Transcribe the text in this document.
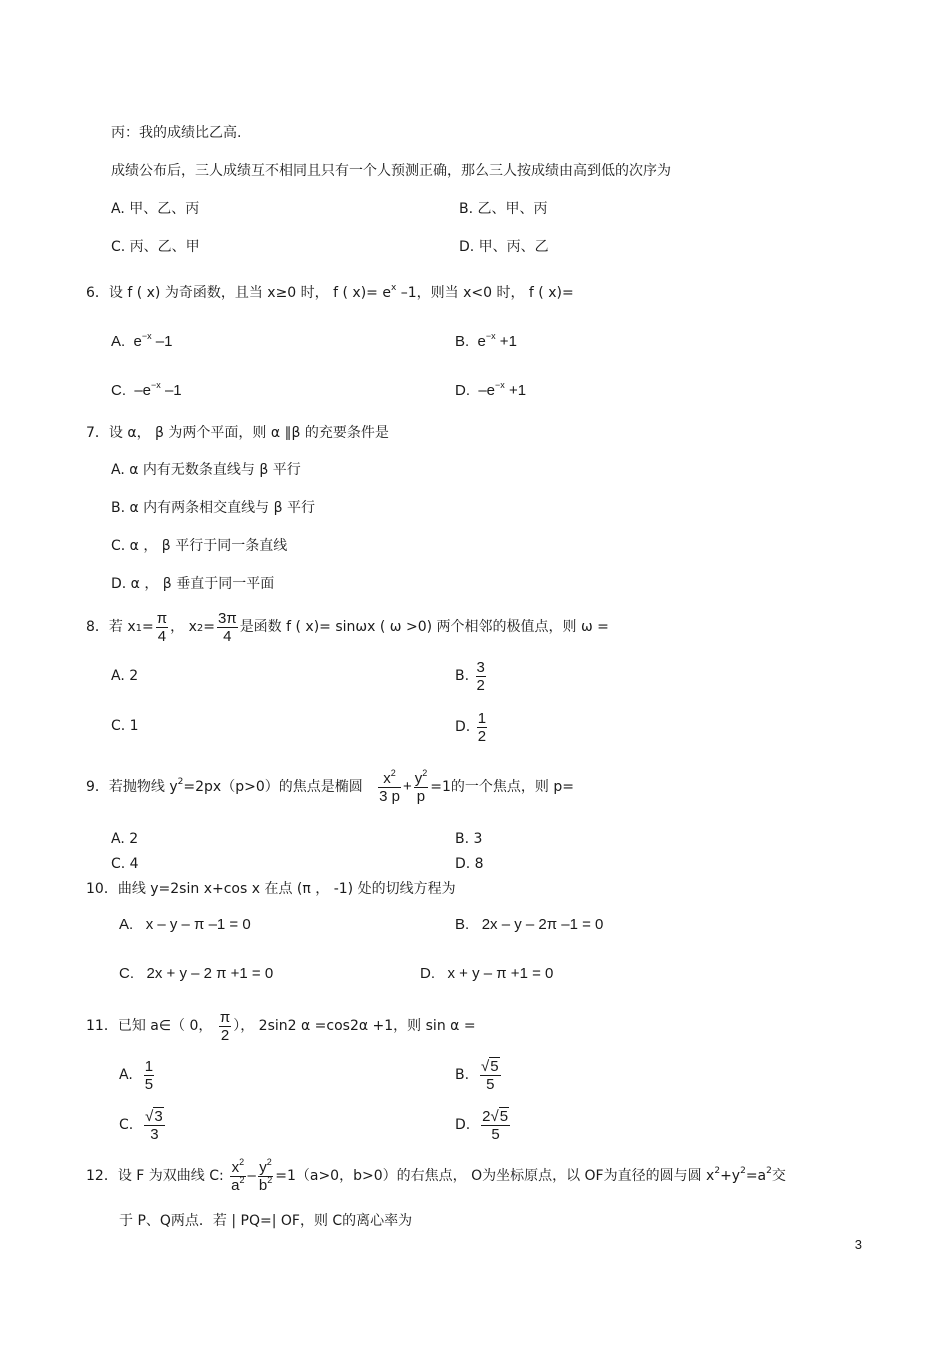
丙：我的成绩比乙高.
成绩公布后，三人成绩互不相同且只有一个人预测正确，那么三人按成绩由高到低的次序为
A. 甲、乙、丙	B. 乙、甲、丙
C. 丙、乙、甲	D. 甲、丙、乙
6．设 f ( x) 为奇函数，且当 x≥0 时， f ( $x)= e^x$ –1，则当 x<0 时， f ( x)=
A. $e^{-x}$ –1	B. $e^{-x} +1$
C. $-e^{-x}$ –1	D. $-e^{-x} +1$
7．设 α， β 为两个平面，则 α ∥β 的充要条件是
A. α 内有无数条直线与 β 平行
B. α 内有两条相交直线与 β 平行
C. α ， β 平行于同一条直线
D. α ， β 垂直于同一平面
8．若 $x1= \frac{\pi}{4}$ ， $x2= \frac{3\pi}{4}$ 是函数 f ( x)= sinωx ( ω >0) 两个相邻的极值点，则 ω =
A. 2	B. $\frac{3}{2}$
C. 1	D. $\frac{1}{2}$
9．若抛物线 $y^2=2px(p>0)$的焦点是椭圆 $\frac{x^2}{3 p} + \frac{y^2}{p} =1$的一个焦点，则 p=
A. 2	B. 3
C. 4	D. 8
10．曲线 y=2sin x+cos x 在点 (π ， -1) 处的切线方程为
A. x – y – π –1 = 0	B. 2x – y – 2π –1 = 0
C. 2x + y – 2 π +1 = 0	D. x + y – π +1 = 0
11．已知 a∈（ 0， $\frac{\pi}{2}$ ）， 2sin2 α =cos2α +1，则 sin α =
A. $\frac{1}{5}$	B. $\frac{√5}{5}$
C. $\frac{√3}{3}$	D. $\frac{2√5}{5}$
12．设 F 为双曲线 C: $\frac{x^2}{a^2} - \frac{y^2}{b^2} =1(a>0$，b>0）的右焦点， O为坐标原点，以 OF为直径的圆与圆 $x^2+y^2=a^2$交
于 P、Q两点．若 | PQ=| OF，则 C的离心率为
3
